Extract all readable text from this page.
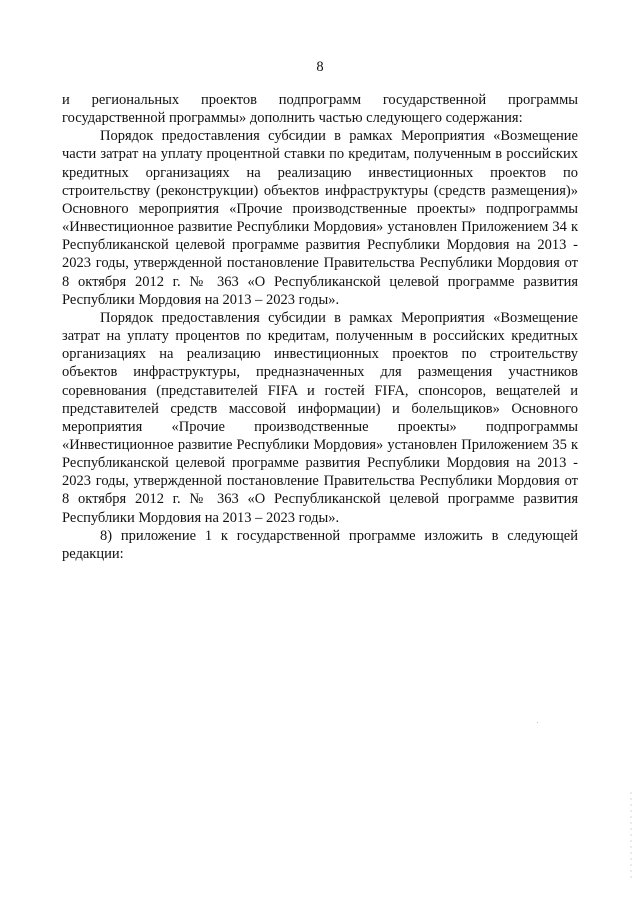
8

и региональных проектов подпрограмм государственной программы государственной программы» дополнить частью следующего содержания:

Порядок предоставления субсидии в рамках Мероприятия «Возмещение части затрат на уплату процентной ставки по кредитам, полученным в российских кредитных организациях на реализацию инвестиционных проектов по строительству (реконструкции) объектов инфраструктуры (средств размещения)» Основного мероприятия «Прочие производственные проекты» подпрограммы «Инвестиционное развитие Республики Мордовия» установлен Приложением 34 к Республиканской целевой программе развития Республики Мордовия на 2013 - 2023 годы, утвержденной постановление Правительства Республики Мордовия от 8 октября 2012 г. № 363 «О Республиканской целевой программе развития Республики Мордовия на 2013 – 2023 годы».

Порядок предоставления субсидии в рамках Мероприятия «Возмещение затрат на уплату процентов по кредитам, полученным в российских кредитных организациях на реализацию инвестиционных проектов по строительству объектов инфраструктуры, предназначенных для размещения участников соревнования (представителей FIFA и гостей FIFA, спонсоров, вещателей и представителей средств массовой информации) и болельщиков» Основного мероприятия «Прочие производственные проекты» подпрограммы «Инвестиционное развитие Республики Мордовия» установлен Приложением 35 к Республиканской целевой программе развития Республики Мордовия на 2013 - 2023 годы, утвержденной постановление Правительства Республики Мордовия от 8 октября 2012 г. № 363 «О Республиканской целевой программе развития Республики Мордовия на 2013 – 2023 годы».

8) приложение 1 к государственной программе изложить в следующей редакции:
